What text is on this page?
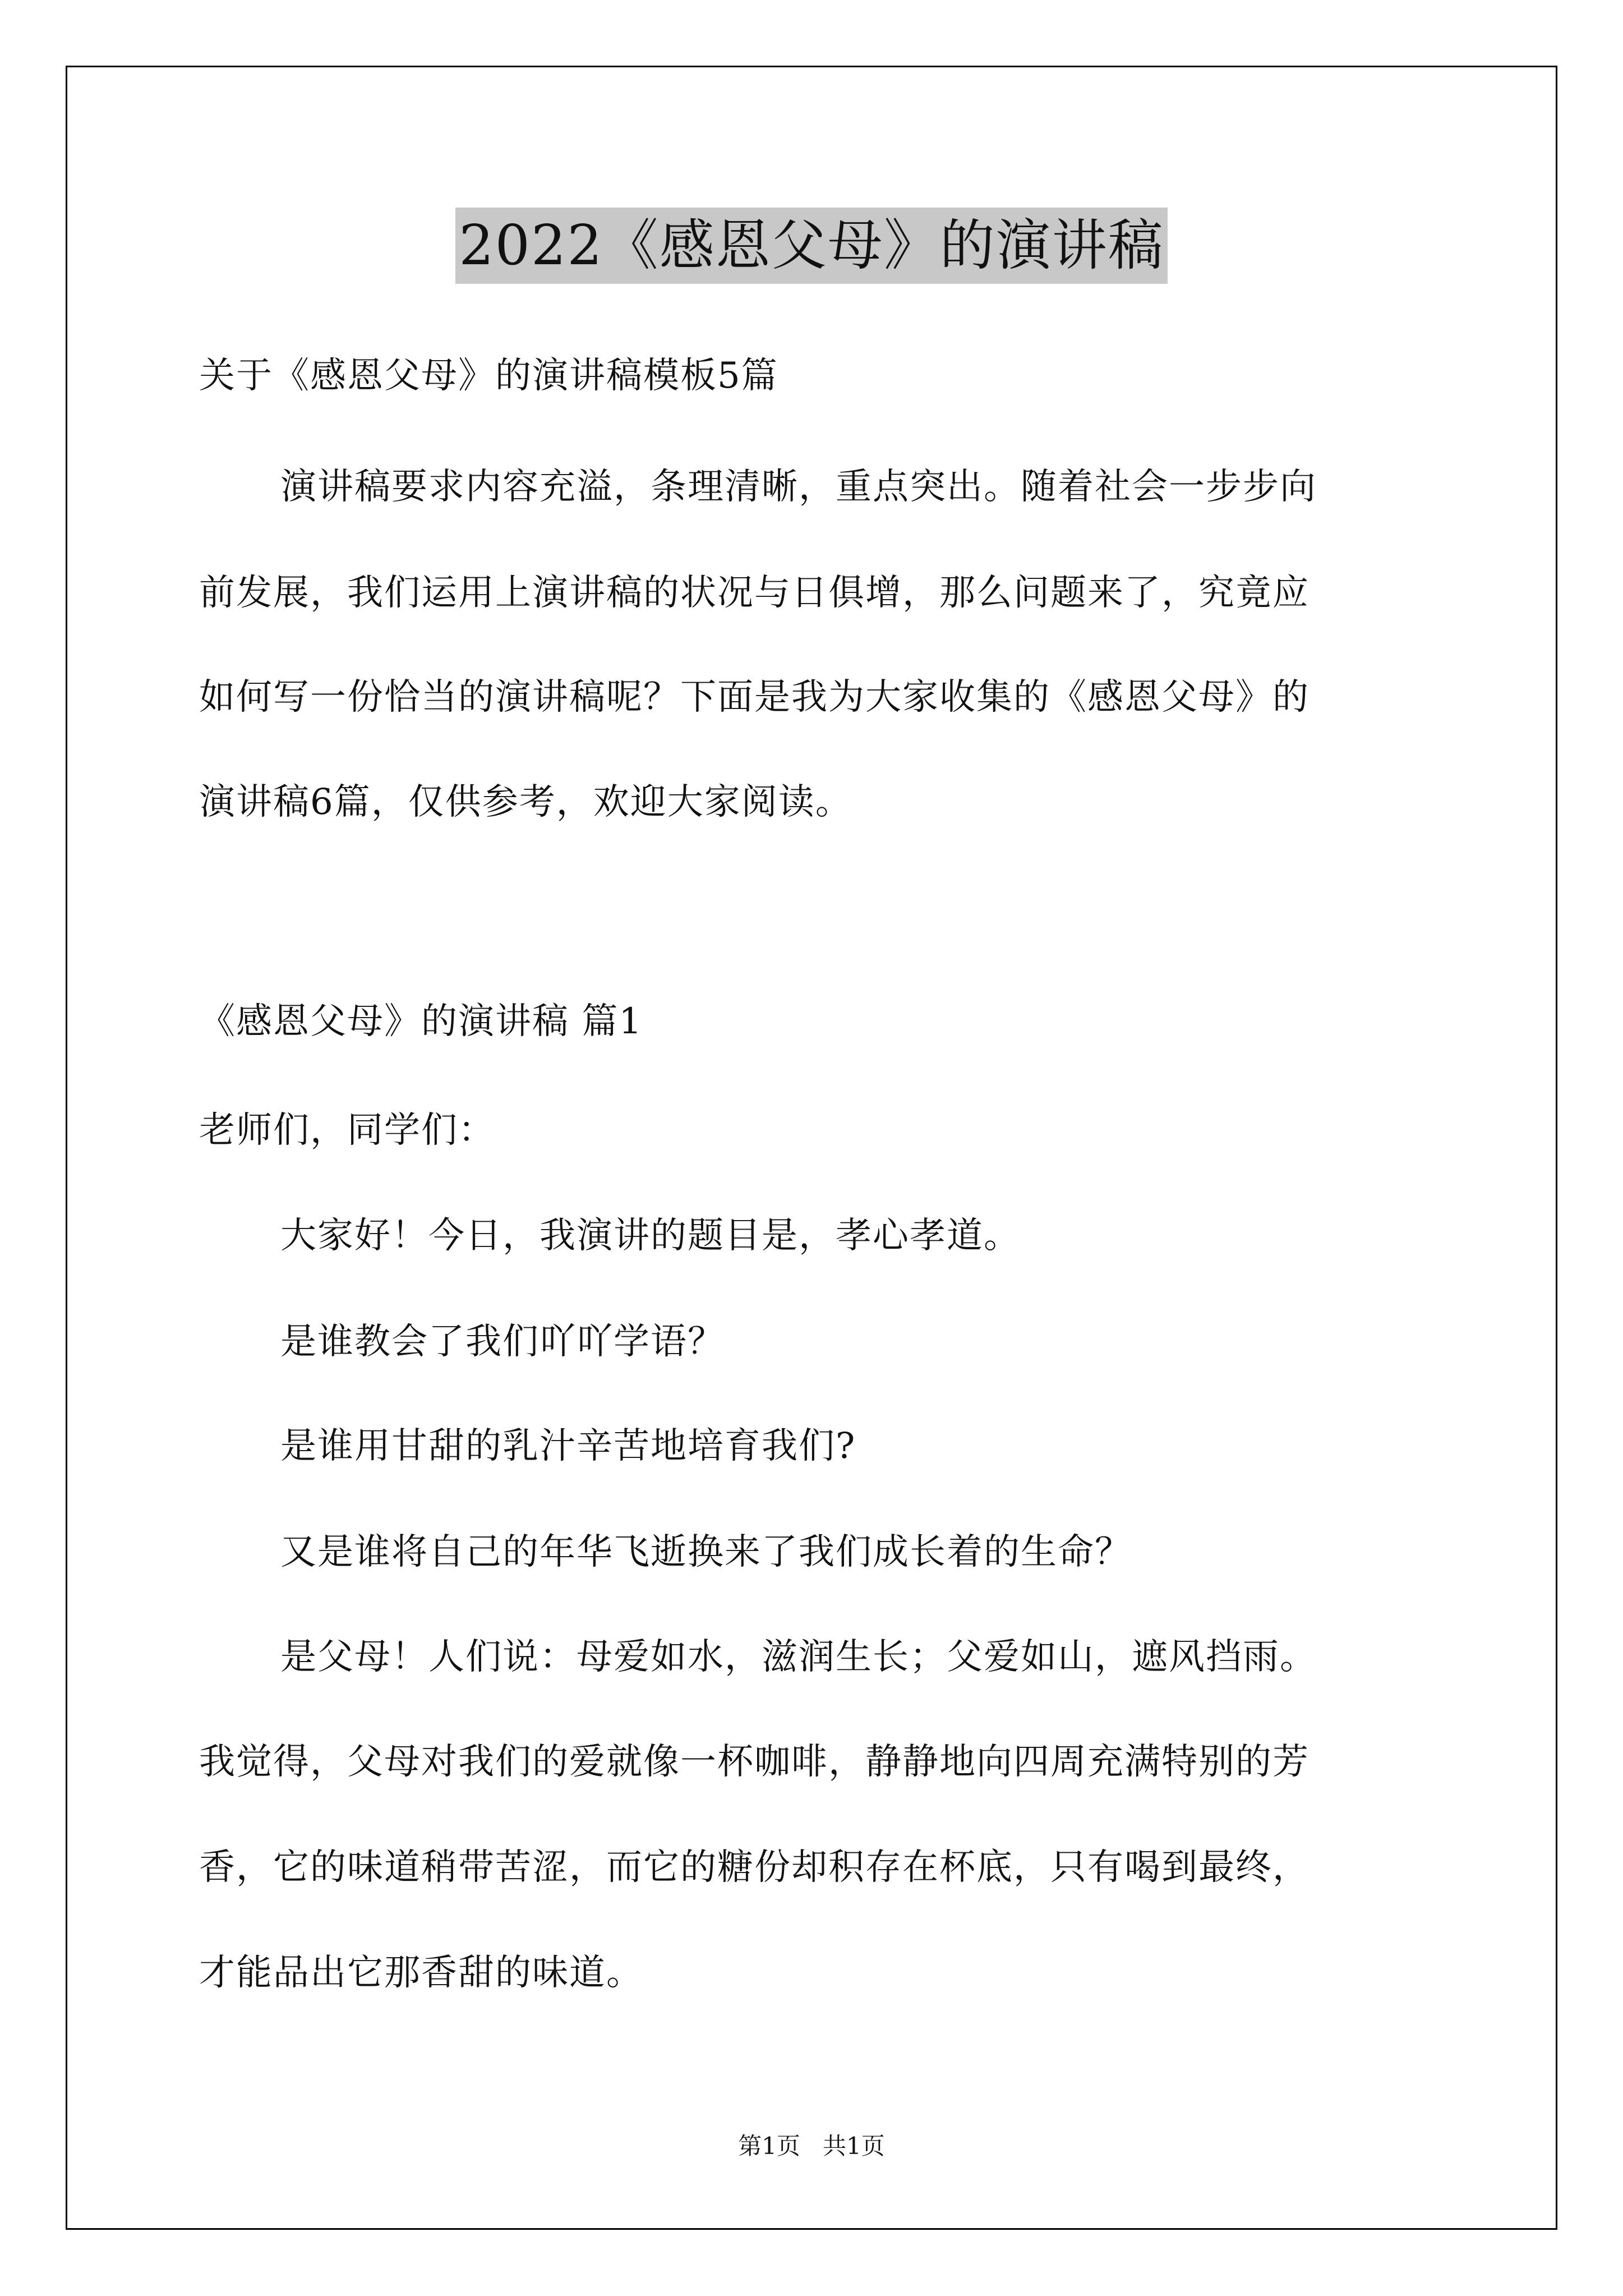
2022《感恩父母》的演讲稿
关于《感恩父母》的演讲稿模板5篇
演讲稿要求内容充溢，条理清晰，重点突出。随着社会一步步向
前发展，我们运用上演讲稿的状况与日俱增，那么问题来了，究竟应
如何写一份恰当的演讲稿呢？下面是我为大家收集的《感恩父母》的
演讲稿6篇，仅供参考，欢迎大家阅读。
《感恩父母》的演讲稿 篇1
老师们，同学们：
大家好！今日，我演讲的题目是，孝心孝道。
是谁教会了我们吖吖学语？
是谁用甘甜的乳汁辛苦地培育我们?
又是谁将自己的年华飞逝换来了我们成长着的生命？
是父母！人们说：母爱如水，滋润生长；父爱如山，遮风挡雨。
我觉得，父母对我们的爱就像一杯咖啡，静静地向四周充满特别的芳
香，它的味道稍带苦涩，而它的糖份却积存在杯底，只有喝到最终，
才能品出它那香甜的味道。
第1页   共1页
